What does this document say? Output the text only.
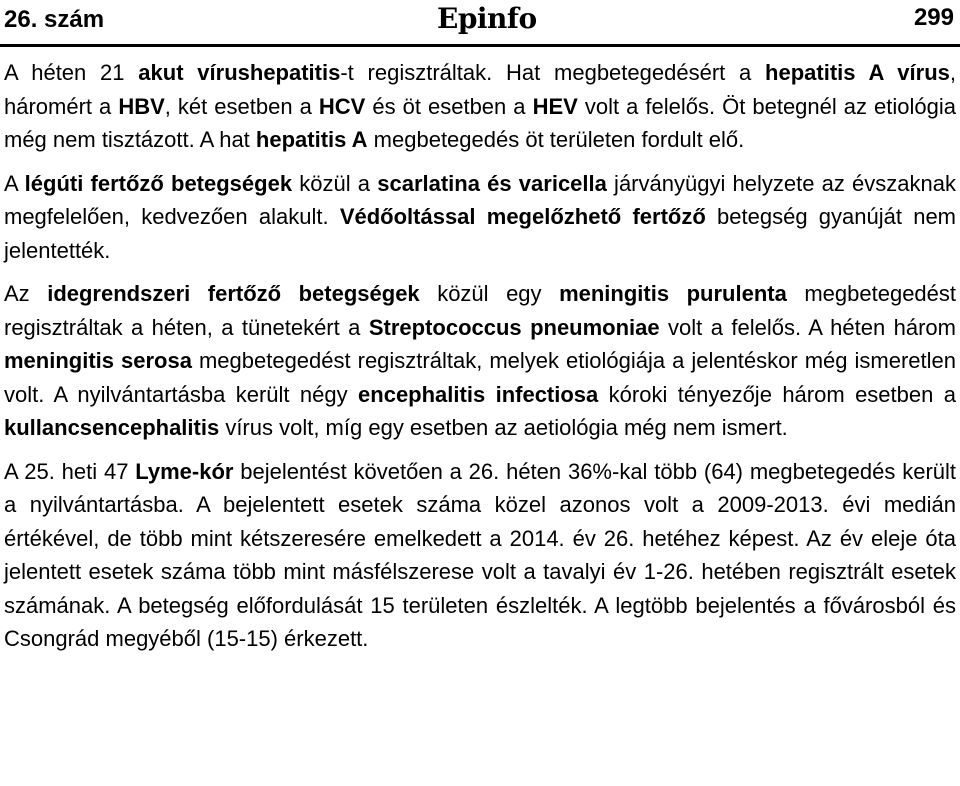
26. szám	Epinfo	299

A héten 21 akut vírushepatitis-t regisztráltak. Hat megbetegedésért a hepatitis A vírus, háromért a HBV, két esetben a HCV és öt esetben a HEV volt a felelős. Öt betegnél az etiológia még nem tisztázott. A hat hepatitis A megbetegedés öt területen fordult elő.

A légúti fertőző betegségek közül a scarlatina és varicella járványügyi helyzete az évszaknak megfelelően, kedvezően alakult. Védőoltással megelőzhető fertőző betegség gyanúját nem jelentették.

Az idegrendszeri fertőző betegségek közül egy meningitis purulenta megbetegedést regisztráltak a héten, a tünetekért a Streptococcus pneumoniae volt a felelős. A héten három meningitis serosa megbetegedést regisztráltak, melyek etiológiája a jelentéskor még ismeretlen volt. A nyilvántartásba került négy encephalitis infectiosa kóroki tényezője három esetben a kullancsencephalitis vírus volt, míg egy esetben az aetiológia még nem ismert.

A 25. heti 47 Lyme-kór bejelentést követően a 26. héten 36%-kal több (64) megbetegedés került a nyilvántartásba. A bejelentett esetek száma közel azonos volt a 2009-2013. évi medián értékével, de több mint kétszeresére emelkedett a 2014. év 26. hetéhez képest. Az év eleje óta jelentett esetek száma több mint másfélszerese volt a tavalyi év 1-26. hetében regisztrált esetek számának. A betegség előfordulását 15 területen észlelték. A legtöbb bejelentés a fővárosból és Csongrád megyéből (15-15) érkezett.
